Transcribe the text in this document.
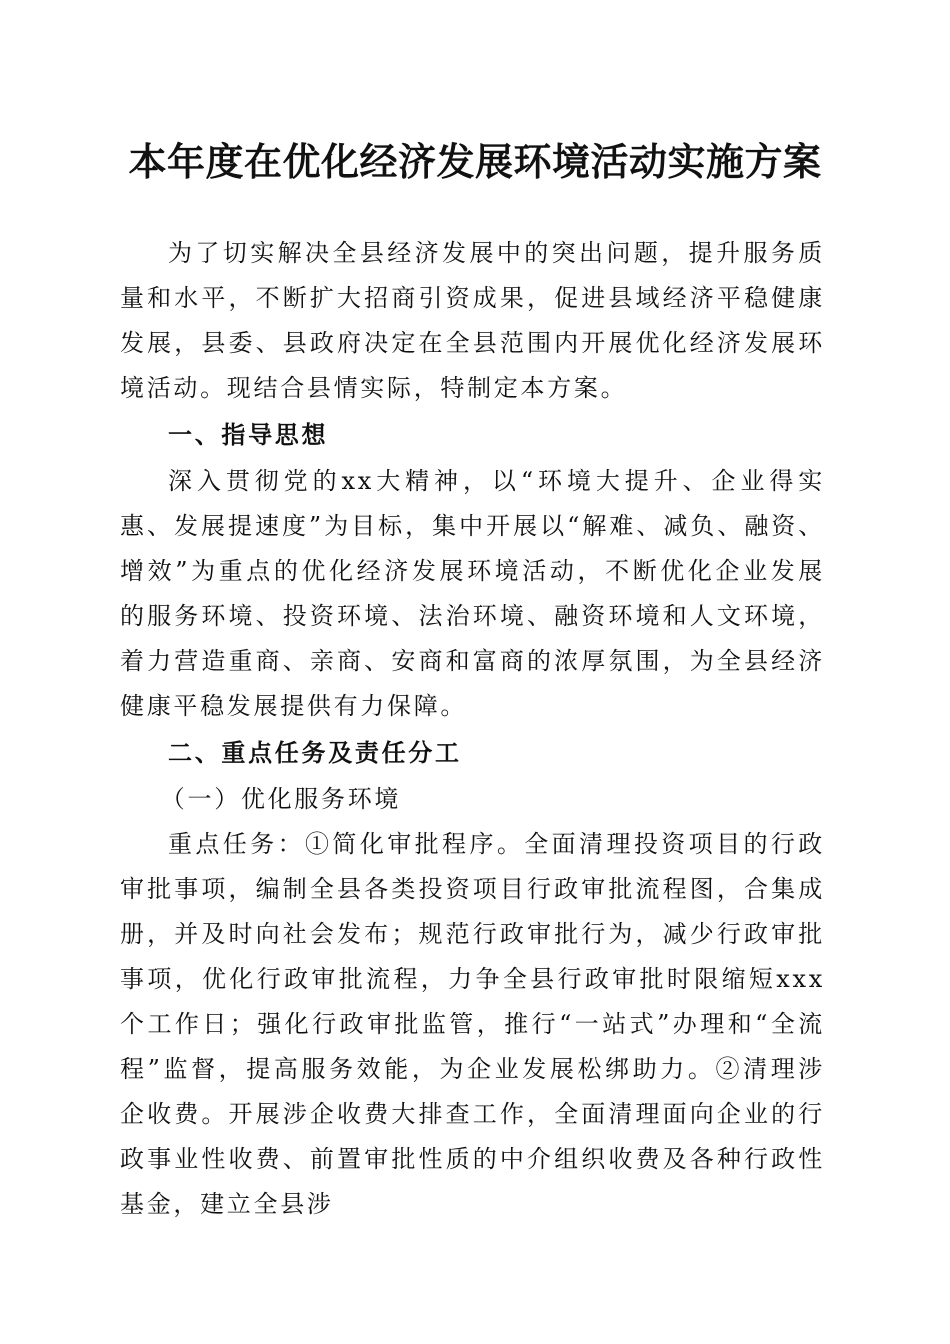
本年度在优化经济发展环境活动实施方案

为了切实解决全县经济发展中的突出问题，提升服务质量和水平，不断扩大招商引资成果，促进县域经济平稳健康发展，县委、县政府决定在全县范围内开展优化经济发展环境活动。现结合县情实际，特制定本方案。

一、指导思想

深入贯彻党的xx大精神，以“环境大提升、企业得实惠、发展提速度”为目标，集中开展以“解难、减负、融资、增效”为重点的优化经济发展环境活动，不断优化企业发展的服务环境、投资环境、法治环境、融资环境和人文环境，着力营造重商、亲商、安商和富商的浓厚氛围，为全县经济健康平稳发展提供有力保障。

二、重点任务及责任分工

（一）优化服务环境

重点任务：①简化审批程序。全面清理投资项目的行政审批事项，编制全县各类投资项目行政审批流程图，合集成册，并及时向社会发布；规范行政审批行为，减少行政审批事项，优化行政审批流程，力争全县行政审批时限缩短xxx个工作日；强化行政审批监管，推行“一站式”办理和“全流程”监督，提高服务效能，为企业发展松绑助力。②清理涉企收费。开展涉企收费大排查工作，全面清理面向企业的行政事业性收费、前置审批性质的中介组织收费及各种行政性基金，建立全县涉
